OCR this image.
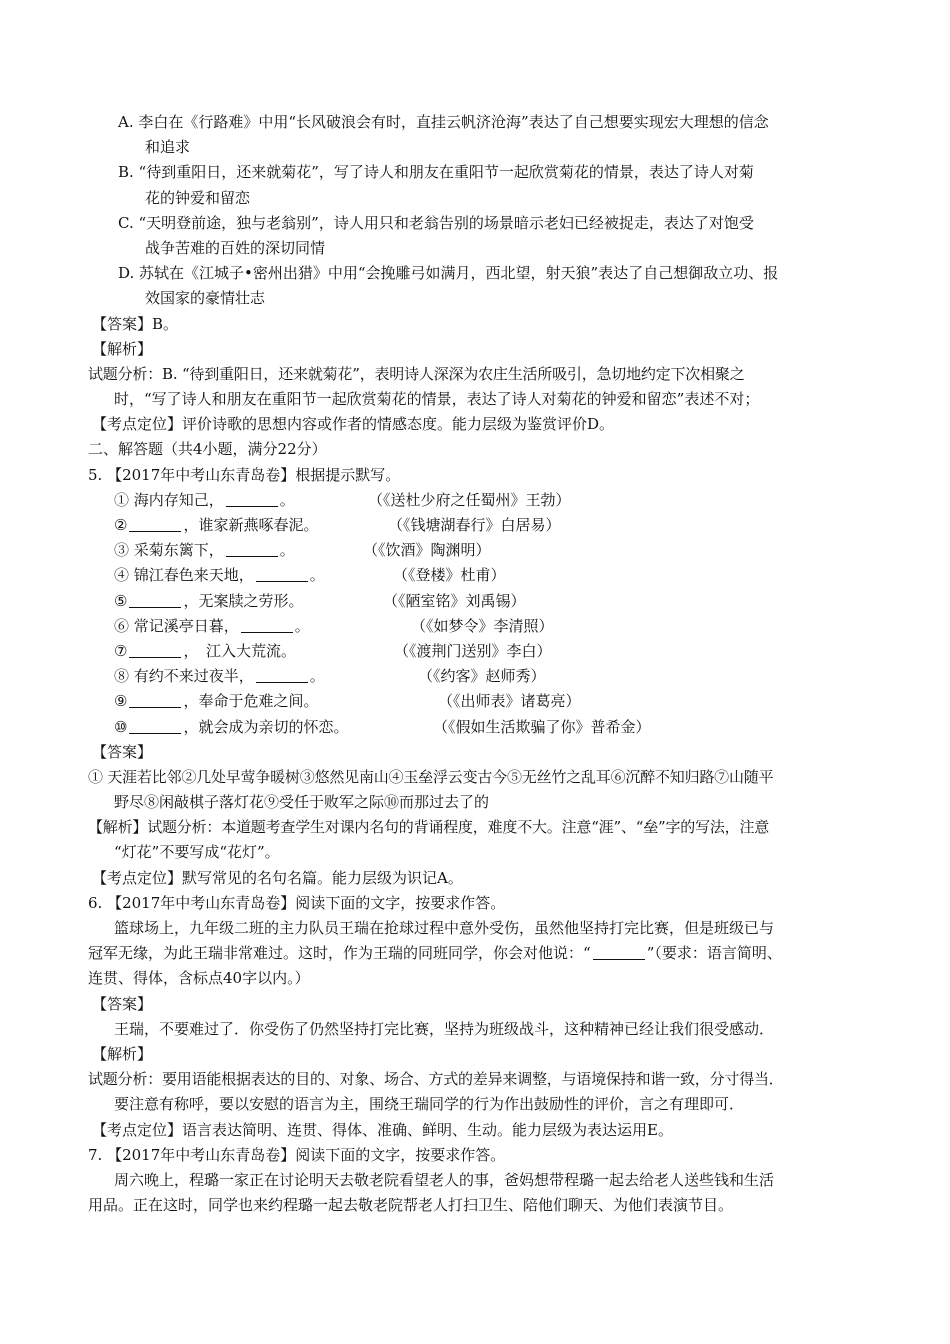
A. 李白在《行路难》中用“长风破浪会有时，直挂云帆济沧海”表达了自己想要实现宏大理想的信念
和追求
B. “待到重阳日，还来就菊花”，写了诗人和朋友在重阳节一起欣赏菊花的情景，表达了诗人对菊
花的钟爱和留恋
C. “天明登前途，独与老翁别”，诗人用只和老翁告别的场景暗示老妇已经被捉走，表达了对饱受
战争苦难的百姓的深切同情
D. 苏轼在《江城子•密州出猎》中用“会挽雕弓如满月，西北望，射天狼”表达了自己想御敌立功、报
效国家的豪情壮志
【答案】B。
【解析】
试题分析：B. “待到重阳日，还来就菊花”，表明诗人深深为农庄生活所吸引，急切地约定下次相聚之
时，“写了诗人和朋友在重阳节一起欣赏菊花的情景，表达了诗人对菊花的钟爱和留恋”表述不对；
【考点定位】评价诗歌的思想内容或作者的情感态度。能力层级为鉴赏评价D。
二、解答题（共4小题，满分22分）
5. 【2017年中考山东青岛卷】根据提示默写。
① 海内存知己，	。	（《送杜少府之任蜀州》王勃）
②	，谁家新燕啄春泥。	（《钱塘湖春行》白居易）
③ 采菊东篱下，	。	（《饮酒》陶渊明）
④ 锦江春色来天地，	。	（《登楼》杜甫）
⑤	，无案牍之劳形。	（《陋室铭》刘禹锡）
⑥ 常记溪亭日暮，	。	（《如梦令》李清照）
⑦	，　江入大荒流。	（《渡荆门送别》李白）
⑧ 有约不来过夜半，	。	（《约客》赵师秀）
⑨	，奉命于危难之间。	（《出师表》诸葛亮）
⑩	，就会成为亲切的怀恋。	（《假如生活欺骗了你》普希金）
【答案】
① 天涯若比邻②几处早莺争暖树③悠然见南山④玉垒浮云变古今⑤无丝竹之乱耳⑥沉醉不知归路⑦山随平
野尽⑧闲敲棋子落灯花⑨受任于败军之际⑩而那过去了的
【解析】试题分析：本道题考查学生对课内名句的背诵程度，难度不大。注意“涯”、“垒”字的写法，注意
“灯花”不要写成“花灯”。
【考点定位】默写常见的名句名篇。能力层级为识记A。
6. 【2017年中考山东青岛卷】阅读下面的文字，按要求作答。
篮球场上，九年级二班的主力队员王瑞在抢球过程中意外受伤，虽然他坚持打完比赛，但是班级已与
冠军无缘，为此王瑞非常难过。这时，作为王瑞的同班同学，你会对他说：“	”（要求：语言简明、
连贯、得体，含标点40字以内。）
【答案】
王瑞，不要难过了．你受伤了仍然坚持打完比赛，坚持为班级战斗，这种精神已经让我们很受感动．
【解析】
试题分析：要用语能根据表达的目的、对象、场合、方式的差异来调整，与语境保持和谐一致，分寸得当．
要注意有称呼，要以安慰的语言为主，围绕王瑞同学的行为作出鼓励性的评价，言之有理即可．
【考点定位】语言表达简明、连贯、得体、准确、鲜明、生动。能力层级为表达运用E。
7. 【2017年中考山东青岛卷】阅读下面的文字，按要求作答。
周六晚上，程璐一家正在讨论明天去敬老院看望老人的事，爸妈想带程璐一起去给老人送些钱和生活
用品。正在这时，同学也来约程璐一起去敬老院帮老人打扫卫生、陪他们聊天、为他们表演节目。
